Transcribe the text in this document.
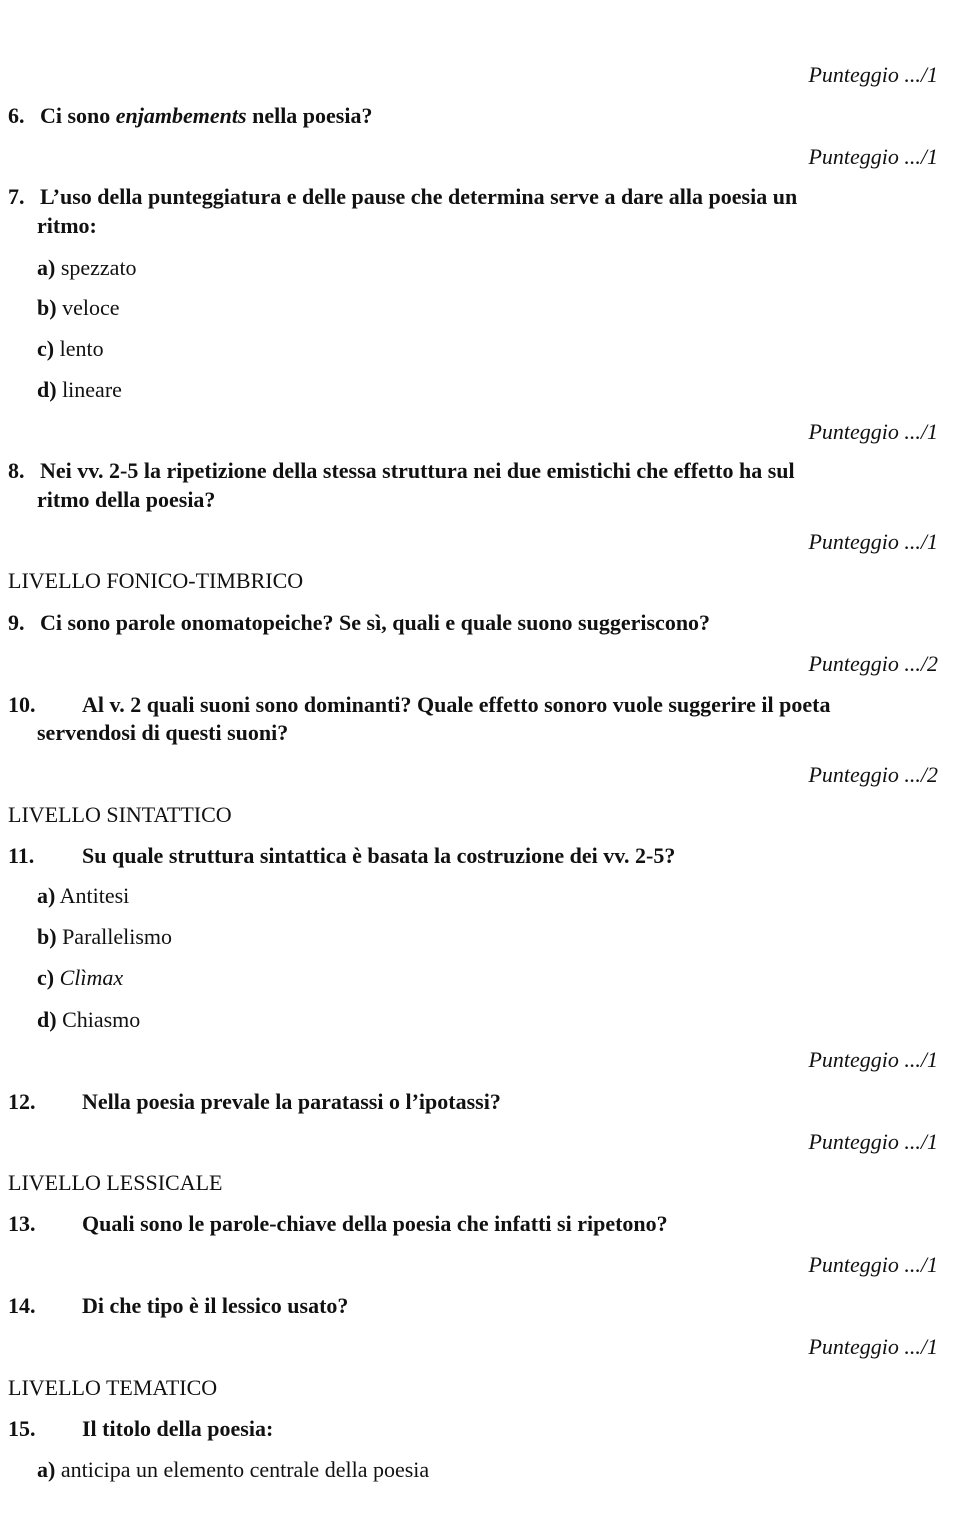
Punteggio .../1
6. Ci sono enjambements nella poesia?
Punteggio .../1
7. L’uso della punteggiatura e delle pause che determina serve a dare alla poesia un
ritmo:
a) spezzato
b) veloce
c) lento
d) lineare
Punteggio .../1
8. Nei vv. 2-5 la ripetizione della stessa struttura nei due emistichi che effetto ha sul
ritmo della poesia?
Punteggio .../1
LIVELLO FONICO-TIMBRICO
9. Ci sono parole onomatopeiche? Se sì, quali e quale suono suggeriscono?
Punteggio .../2
10. Al v. 2 quali suoni sono dominanti? Quale effetto sonoro vuole suggerire il poeta
servendosi di questi suoni?
Punteggio .../2
LIVELLO SINTATTICO
11. Su quale struttura sintattica è basata la costruzione dei vv. 2-5?
a) Antitesi
b) Parallelismo
c) Clìmax
d) Chiasmo
Punteggio .../1
12. Nella poesia prevale la paratassi o l’ipotassi?
Punteggio .../1
LIVELLO LESSICALE
13. Quali sono le parole-chiave della poesia che infatti si ripetono?
Punteggio .../1
14. Di che tipo è il lessico usato?
Punteggio .../1
LIVELLO TEMATICO
15. Il titolo della poesia:
a) anticipa un elemento centrale della poesia
